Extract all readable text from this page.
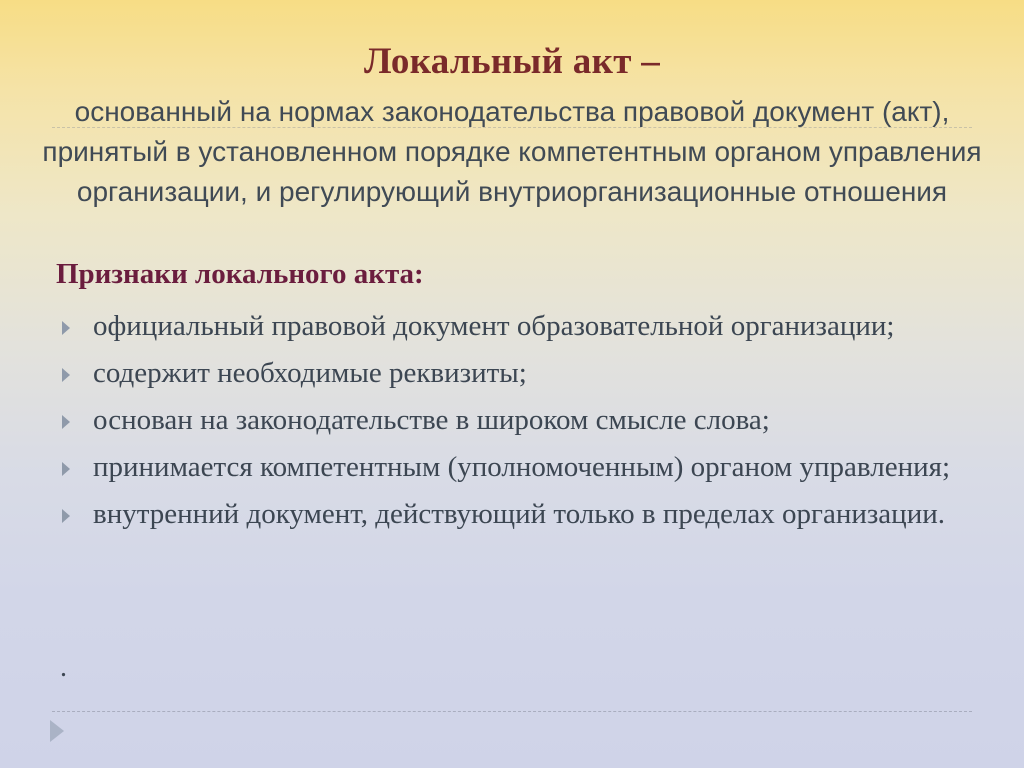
Локальный акт –

основанный на нормах законодательства правовой документ (акт), принятый в установленном порядке компетентным органом управления организации, и регулирующий внутриорганизационные отношения

Признаки локального акта:
официальный правовой документ образовательной организации;
содержит необходимые реквизиты;
основан на законодательстве в широком смысле слова;
принимается компетентным (уполномоченным) органом управления;
внутренний документ, действующий только в пределах организации.
.
